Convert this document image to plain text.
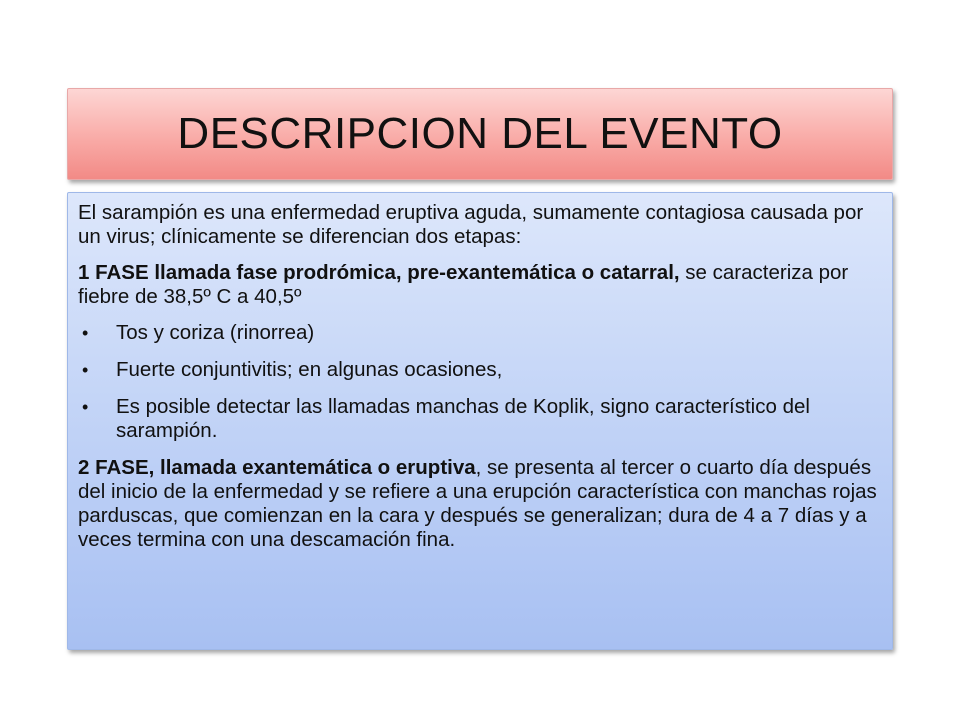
DESCRIPCION DEL EVENTO

El sarampión es una enfermedad eruptiva aguda, sumamente contagiosa causada por un virus; clínicamente se diferencian dos etapas:

1 FASE llamada fase prodrómica, pre-exantemática o catarral, se caracteriza por fiebre de 38,5º C a 40,5º

• Tos y coriza (rinorrea)
• Fuerte conjuntivitis; en algunas ocasiones,
• Es posible detectar las llamadas manchas de Koplik, signo característico del sarampión.

2 FASE, llamada exantemática o eruptiva, se presenta al tercer o cuarto día después del inicio de la enfermedad y se refiere a una erupción característica con manchas rojas parduscas, que comienzan en la cara y después se generalizan; dura de 4 a 7 días y a veces termina con una descamación fina.
